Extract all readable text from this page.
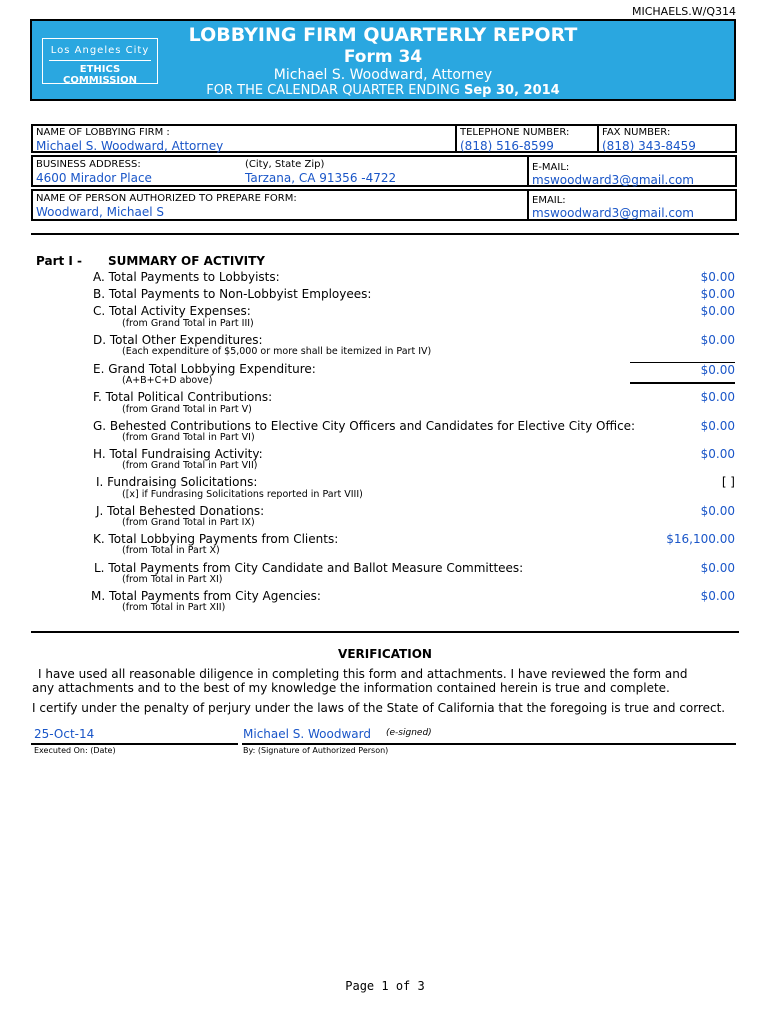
MICHAELS.W/Q314
Los Angeles City
ETHICS COMMISSION
LOBBYING FIRM QUARTERLY REPORT
Form 34
Michael S. Woodward, Attorney
FOR THE CALENDAR QUARTER ENDING Sep 30, 2014
NAME OF LOBBYING FIRM :
Michael S. Woodward, Attorney
TELEPHONE NUMBER:
(818) 516-8599
FAX NUMBER:
(818) 343-8459
BUSINESS ADDRESS:
4600 Mirador Place
(City, State Zip)
Tarzana, CA 91356 -4722
E-MAIL:
mswoodward3@gmail.com
NAME OF PERSON AUTHORIZED TO PREPARE FORM:
Woodward, Michael S
EMAIL:
mswoodward3@gmail.com
Part I - SUMMARY OF ACTIVITY
A. Total Payments to Lobbyists:	$0.00
B. Total Payments to Non-Lobbyist Employees:	$0.00
C. Total Activity Expenses:
(from Grand Total in Part III)
$0.00
D. Total Other Expenditures:
(Each expenditure of $5,000 or more shall be itemized in Part IV)
$0.00
E. Grand Total Lobbying Expenditure:
(A+B+C+D above)
$0.00
F. Total Political Contributions:
(from Grand Total in Part V)
$0.00
G. Behested Contributions to Elective City Officers and Candidates for Elective City Office:
(from Grand Total in Part VI)
$0.00
H. Total Fundraising Activity:
(from Grand Total in Part VII)
$0.00
I. Fundraising Solicitations:
([x] if Fundrasing Solicitations reported in Part VIII)
[ ]
J. Total Behested Donations:
(from Grand Total in Part IX)
$0.00
K. Total Lobbying Payments from Clients:
(from Total in Part X)
$16,100.00
L. Total Payments from City Candidate and Ballot Measure Committees:
(from Total in Part XI)
$0.00
M. Total Payments from City Agencies:
(from Total in Part XII)
$0.00
VERIFICATION
I have used all reasonable diligence in completing this form and attachments. I have reviewed the form and any attachments and to the best of my knowledge the information contained herein is true and complete.
I certify under the penalty of perjury under the laws of the State of California that the foregoing is true and correct.
25-Oct-14	Michael S. Woodward (e-signed)
Executed On: (Date)	By: (Signature of Authorized Person)
Page 1 of 3
